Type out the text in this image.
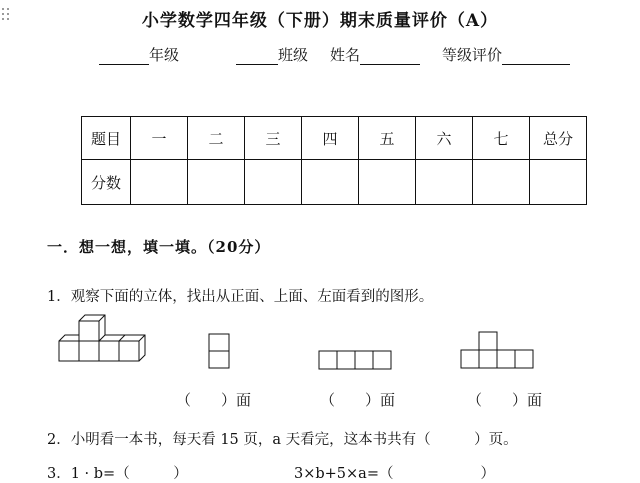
小学数学四年级（下册）期末质量评价（A）
年级	班级 姓名	等级评价
题目	一	二	三	四	五	六	七	总分
分数								
一．想一想，填一填。（20分）
1．观察下面的立体，找出从正面、上面、左面看到的图形。
（　　）面	（　　）面	（　　）面
2．小明看一本书，每天看 15 页，a 天看完，这本书共有（　　　）页。
3．1 · b=（　　　）	3×b+5×a=（　　　　　　）
